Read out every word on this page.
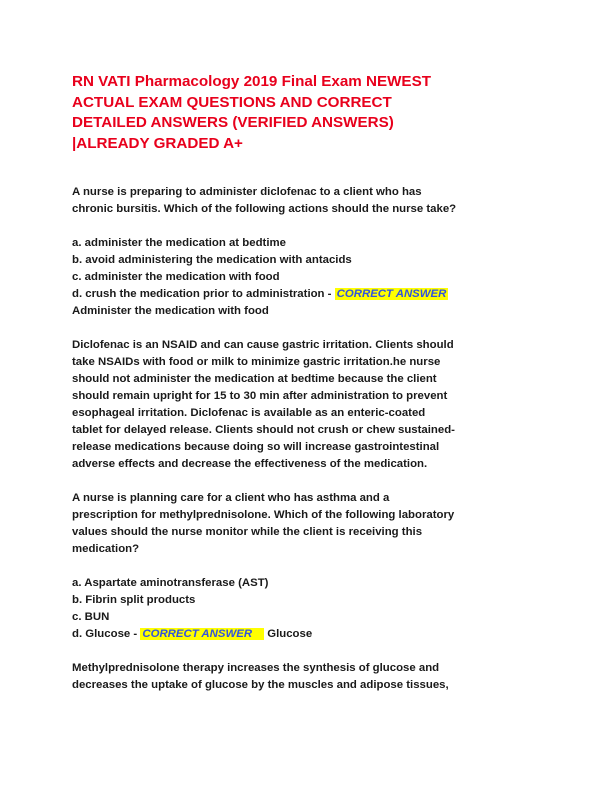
RN VATI Pharmacology 2019 Final Exam NEWEST
ACTUAL EXAM QUESTIONS AND CORRECT
DETAILED ANSWERS (VERIFIED ANSWERS)
|ALREADY GRADED A+
A nurse is preparing to administer diclofenac to a client who has
chronic bursitis. Which of the following actions should the nurse take?
a. administer the medication at bedtime
b. avoid administering the medication with antacids
c. administer the medication with food
d. crush the medication prior to administration - CORRECT ANSWER
Administer the medication with food
Diclofenac is an NSAID and can cause gastric irritation. Clients should
take NSAIDs with food or milk to minimize gastric irritation.he nurse
should not administer the medication at bedtime because the client
should remain upright for 15 to 30 min after administration to prevent
esophageal irritation. Diclofenac is available as an enteric-coated
tablet for delayed release. Clients should not crush or chew sustained-
release medications because doing so will increase gastrointestinal
adverse effects and decrease the effectiveness of the medication.
A nurse is planning care for a client who has asthma and a
prescription for methylprednisolone. Which of the following laboratory
values should the nurse monitor while the client is receiving this
medication?
a. Aspartate aminotransferase (AST)
b. Fibrin split products
c. BUN
d. Glucose - CORRECT ANSWER Glucose
Methylprednisolone therapy increases the synthesis of glucose and
decreases the uptake of glucose by the muscles and adipose tissues,
